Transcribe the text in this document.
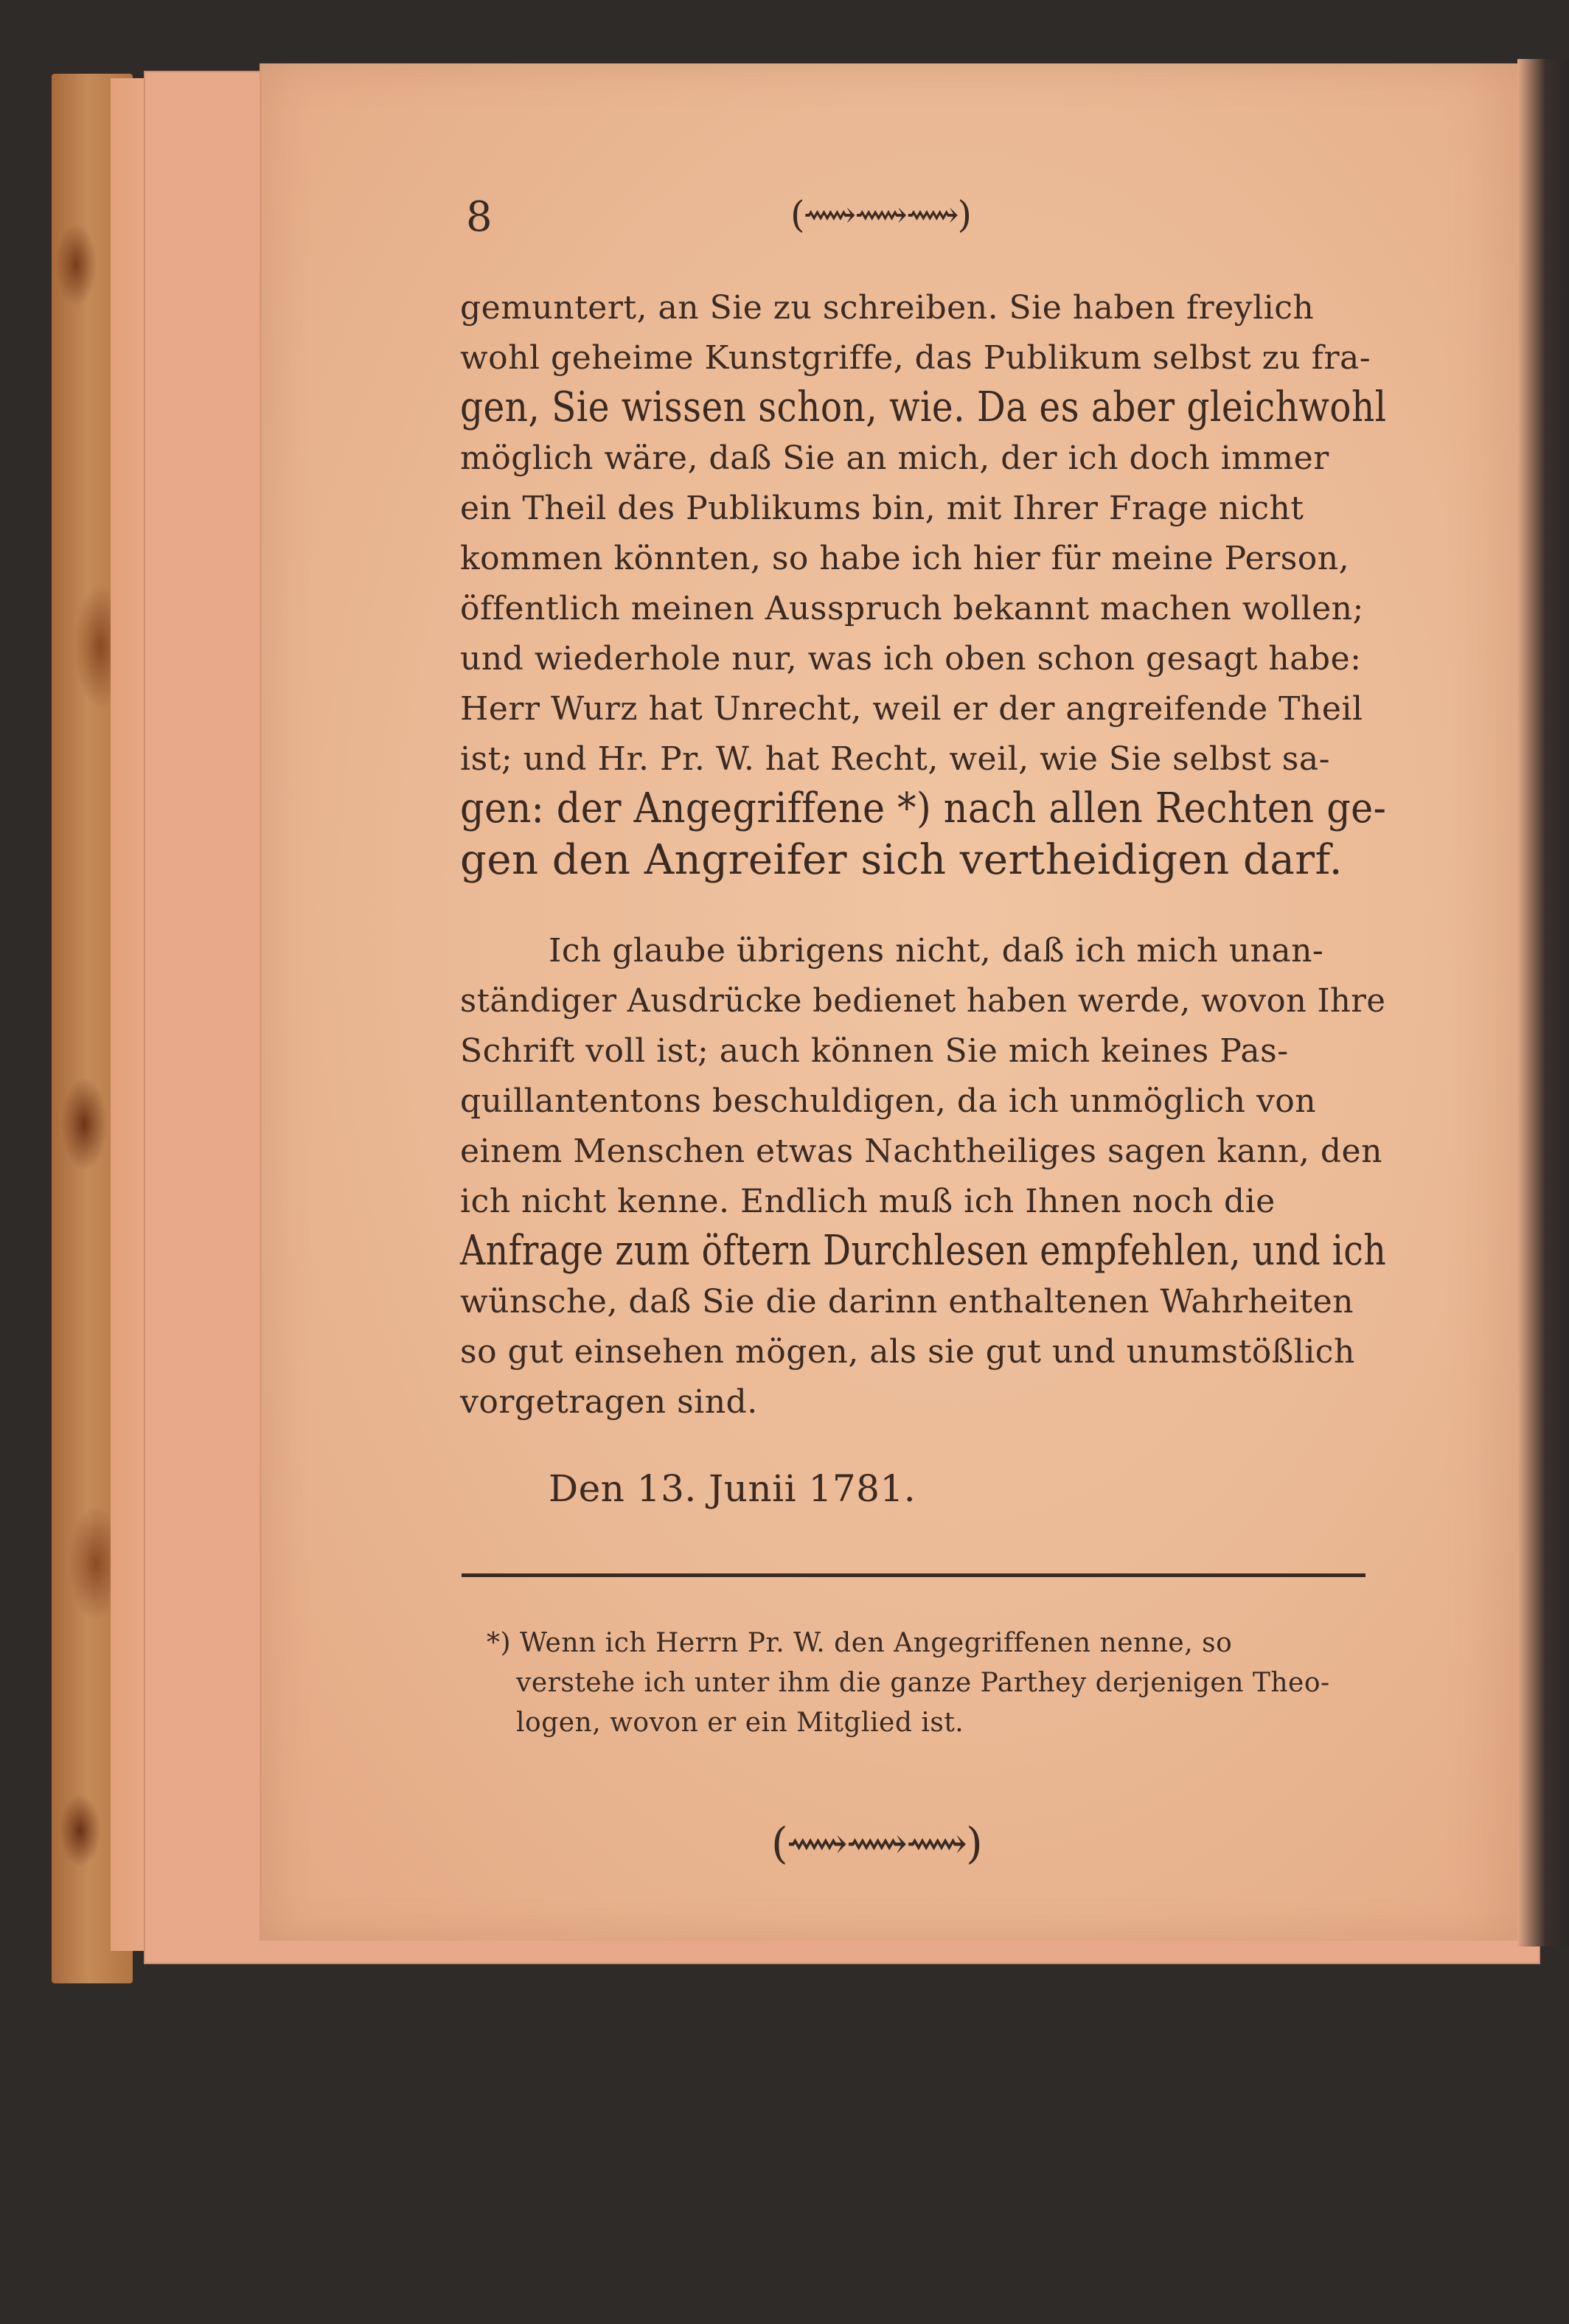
8	(⟿⟿⟿)
gemuntert, an Sie zu schreiben. Sie haben freylich
wohl geheime Kunstgriffe, das Publikum selbst zu fra-
gen, Sie wissen schon, wie. Da es aber gleichwohl
möglich wäre, daß Sie an mich, der ich doch immer
ein Theil des Publikums bin, mit Ihrer Frage nicht
kommen könnten, so habe ich hier für meine Person,
öffentlich meinen Ausspruch bekannt machen wollen;
und wiederhole nur, was ich oben schon gesagt habe:
Herr Wurz hat Unrecht, weil er der angreifende Theil
ist; und Hr. Pr. W. hat Recht, weil, wie Sie selbst sa-
gen: der Angegriffene *) nach allen Rechten ge-
gen den Angreifer sich vertheidigen darf.
Ich glaube übrigens nicht, daß ich mich unan-
ständiger Ausdrücke bedienet haben werde, wovon Ihre
Schrift voll ist; auch können Sie mich keines Pas-
quillantentons beschuldigen, da ich unmöglich von
einem Menschen etwas Nachtheiliges sagen kann, den
ich nicht kenne. Endlich muß ich Ihnen noch die
Anfrage zum öftern Durchlesen empfehlen, und ich
wünsche, daß Sie die darinn enthaltenen Wahrheiten
so gut einsehen mögen, als sie gut und unumstößlich
vorgetragen sind.
Den 13. Junii 1781.
*) Wenn ich Herrn Pr. W. den Angegriffenen nenne, so
verstehe ich unter ihm die ganze Parthey derjenigen Theo-
logen, wovon er ein Mitglied ist.
(⟿⟿⟿)
